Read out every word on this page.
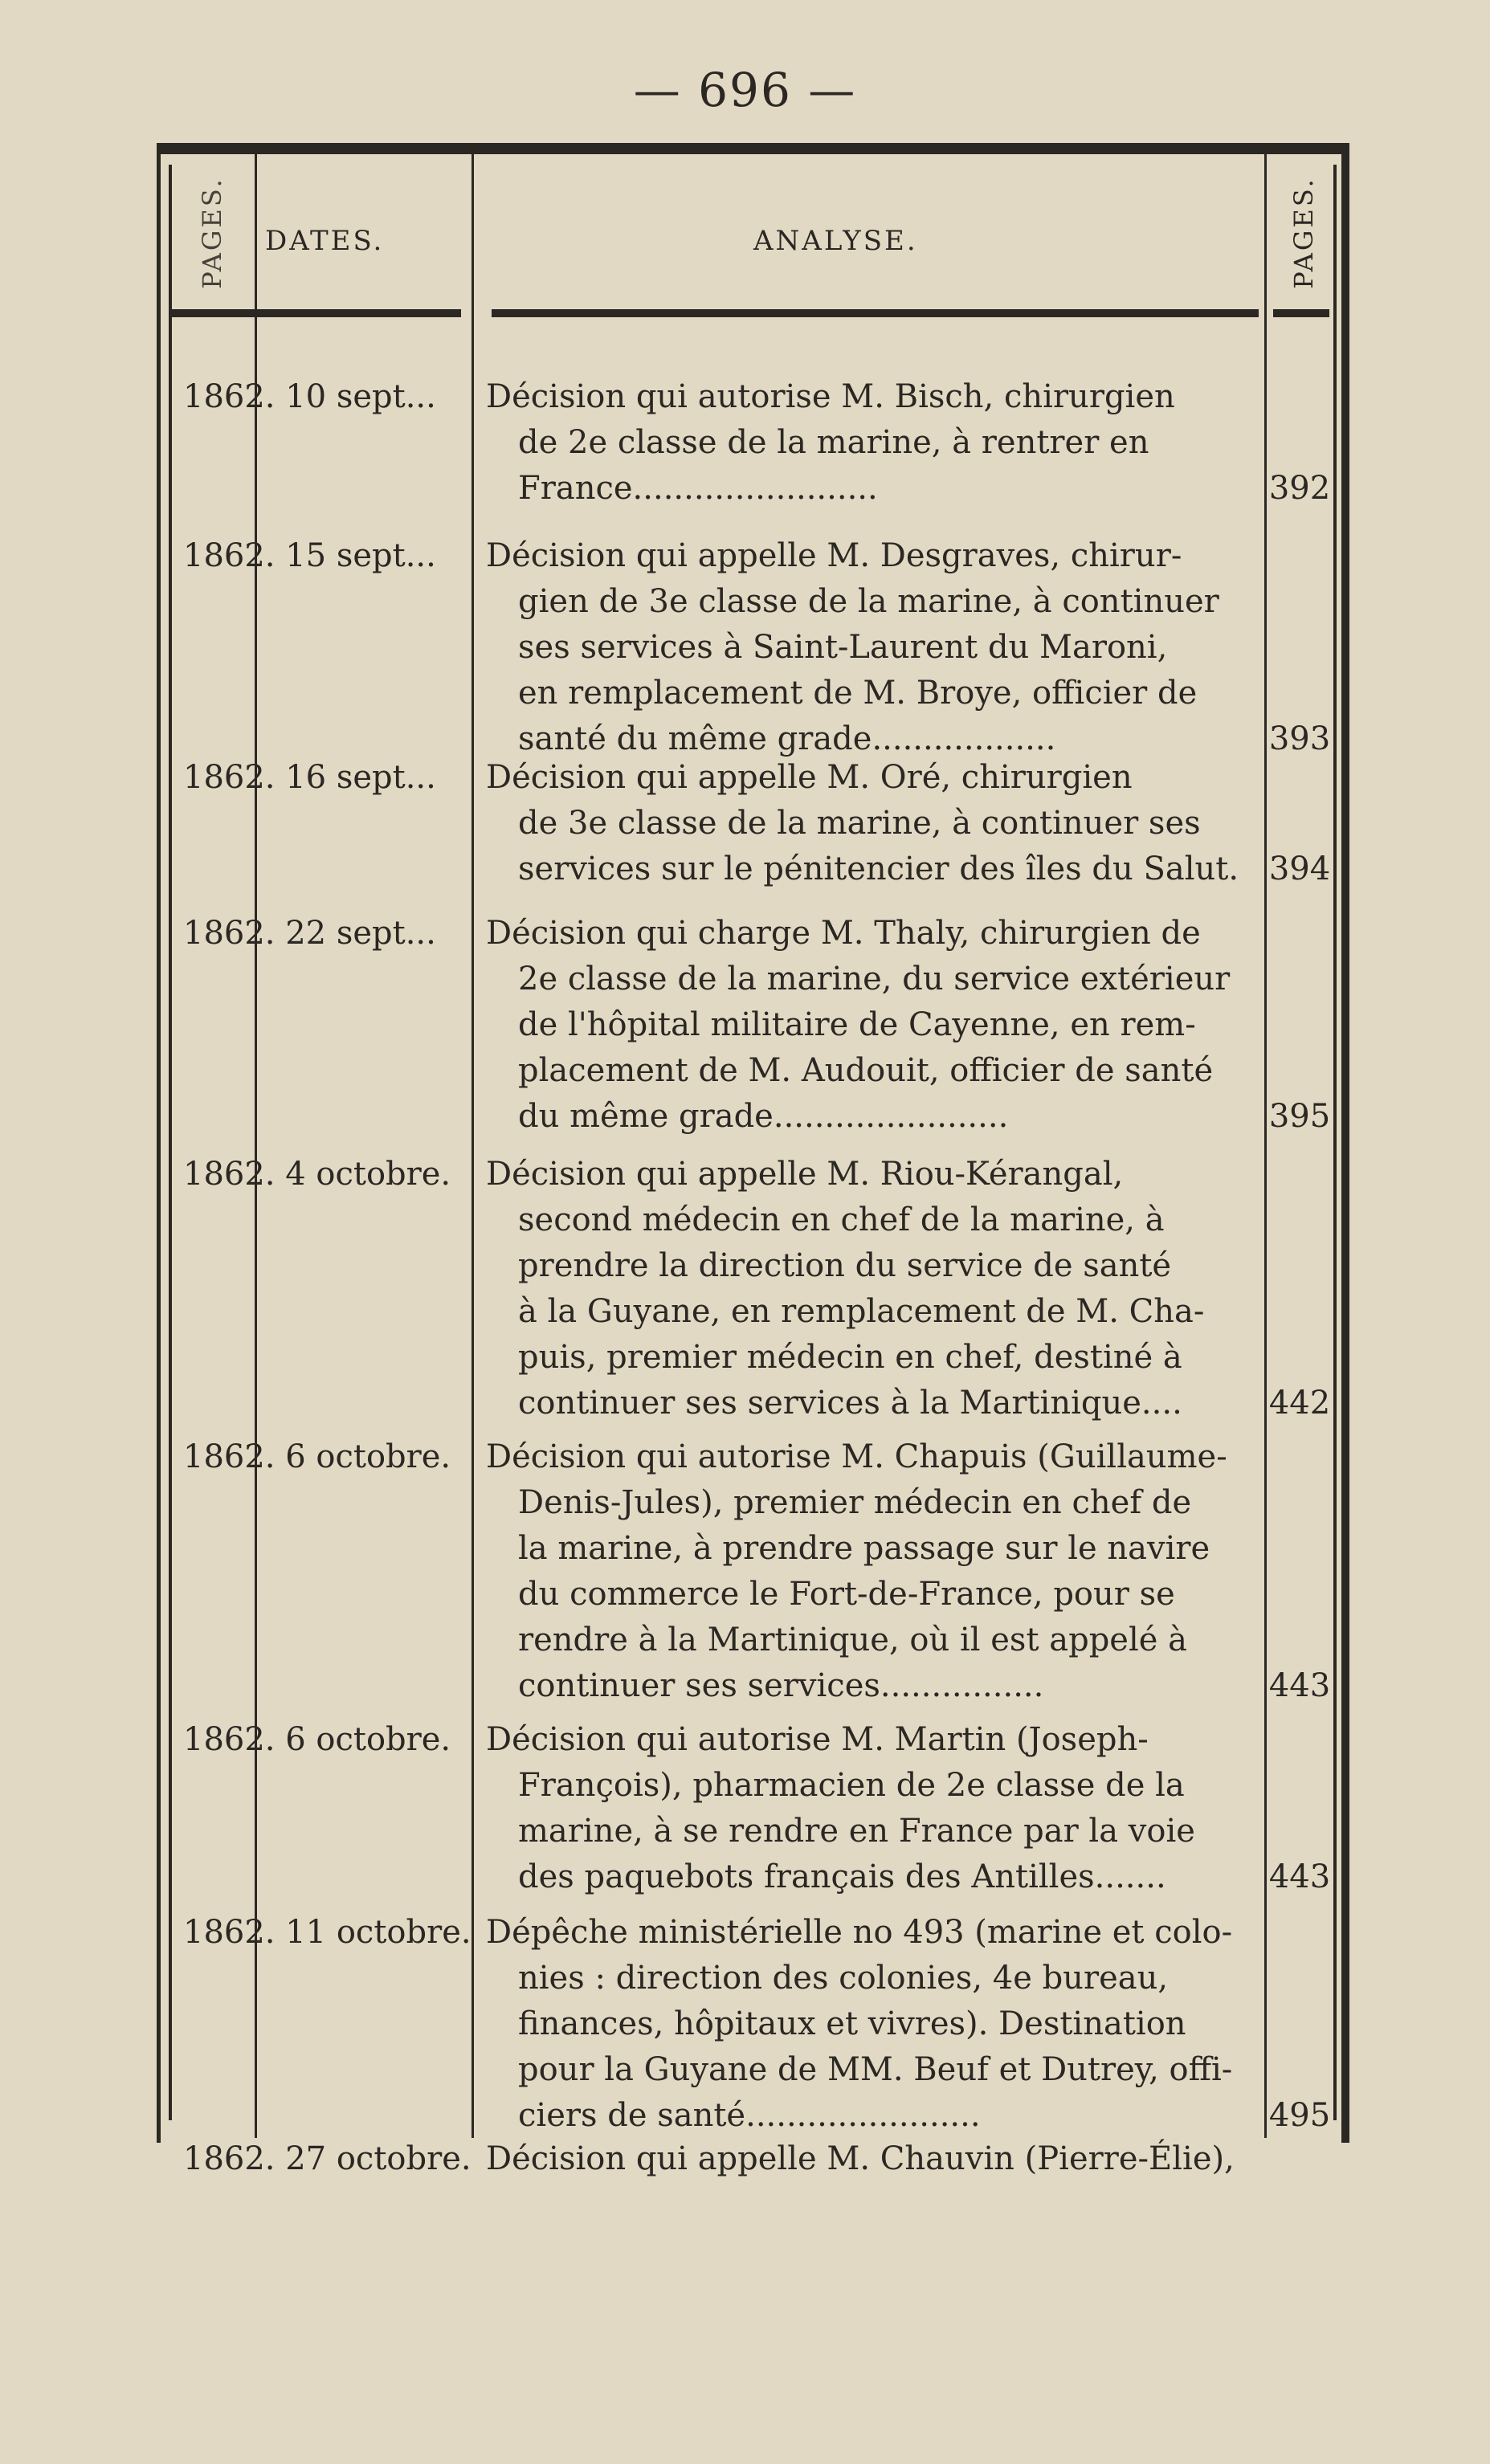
— 696 —
PAGES. DATES.	ANALYSE.	PAGES.
1862. 10 sept...	Décision qui autorise M. Bisch, chirurgien
de 2e classe de la marine, à rentrer en
France........................	392
1862. 15 sept...	Décision qui appelle M. Desgraves, chirur-
gien de 3e classe de la marine, à continuer
ses services à Saint-Laurent du Maroni,
en remplacement de M. Broye, officier de
santé du même grade..................	393
1862. 16 sept...	Décision qui appelle M. Oré, chirurgien
de 3e classe de la marine, à continuer ses
services sur le pénitencier des îles du Salut. 394
1862. 22 sept...	Décision qui charge M. Thaly, chirurgien de
2e classe de la marine, du service extérieur
de l'hôpital militaire de Cayenne, en rem-
placement de M. Audouit, officier de santé
du même grade.......................	395
1862. 4 octobre.	Décision qui appelle M. Riou-Kérangal,
second médecin en chef de la marine, à
prendre la direction du service de santé
à la Guyane, en remplacement de M. Cha-
puis, premier médecin en chef, destiné à
continuer ses services à la Martinique....	442
1862. 6 octobre.	Décision qui autorise M. Chapuis (Guillaume-
Denis-Jules), premier médecin en chef de
la marine, à prendre passage sur le navire
du commerce le Fort-de-France, pour se
rendre à la Martinique, où il est appelé à
continuer ses services................	443
1862. 6 octobre.	Décision qui autorise M. Martin (Joseph-
François), pharmacien de 2e classe de la
marine, à se rendre en France par la voie
des paquebots français des Antilles.......	443
1862. 11 octobre. Dépêche ministérielle no 493 (marine et colo-
nies : direction des colonies, 4e bureau,
finances, hôpitaux et vivres). Destination
pour la Guyane de MM. Beuf et Dutrey, offi-
ciers de santé.......................	495
1862. 27 octobre. Décision qui appelle M. Chauvin (Pierre-Élie),
